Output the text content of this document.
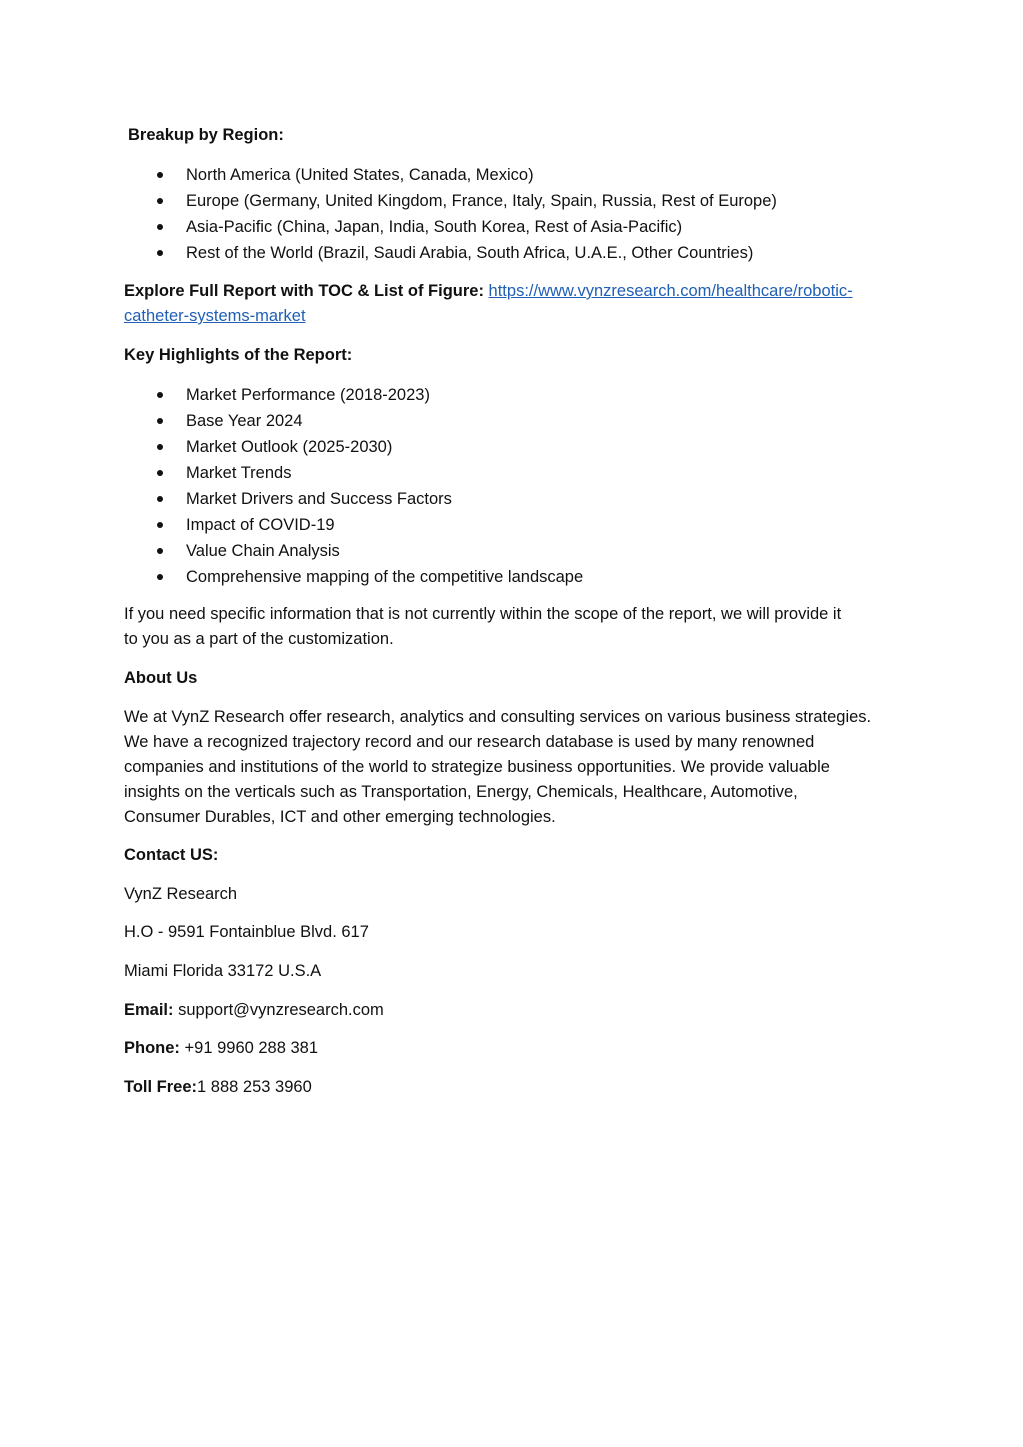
Breakup by Region:
North America (United States, Canada, Mexico)
Europe (Germany, United Kingdom, France, Italy, Spain, Russia, Rest of Europe)
Asia-Pacific (China, Japan, India, South Korea, Rest of Asia-Pacific)
Rest of the World (Brazil, Saudi Arabia, South Africa, U.A.E., Other Countries)
Explore Full Report with TOC & List of Figure: https://www.vynzresearch.com/healthcare/robotic-
catheter-systems-market
Key Highlights of the Report:
Market Performance (2018-2023)
Base Year 2024
Market Outlook (2025-2030)
Market Trends
Market Drivers and Success Factors
Impact of COVID-19
Value Chain Analysis
Comprehensive mapping of the competitive landscape
If you need specific information that is not currently within the scope of the report, we will provide it
to you as a part of the customization.
About Us
We at VynZ Research offer research, analytics and consulting services on various business strategies.
We have a recognized trajectory record and our research database is used by many renowned
companies and institutions of the world to strategize business opportunities. We provide valuable
insights on the verticals such as Transportation, Energy, Chemicals, Healthcare, Automotive,
Consumer Durables, ICT and other emerging technologies.
Contact US:
VynZ Research
H.O - 9591 Fontainblue Blvd. 617
Miami Florida 33172 U.S.A
Email: support@vynzresearch.com
Phone: +91 9960 288 381
Toll Free:1 888 253 3960
